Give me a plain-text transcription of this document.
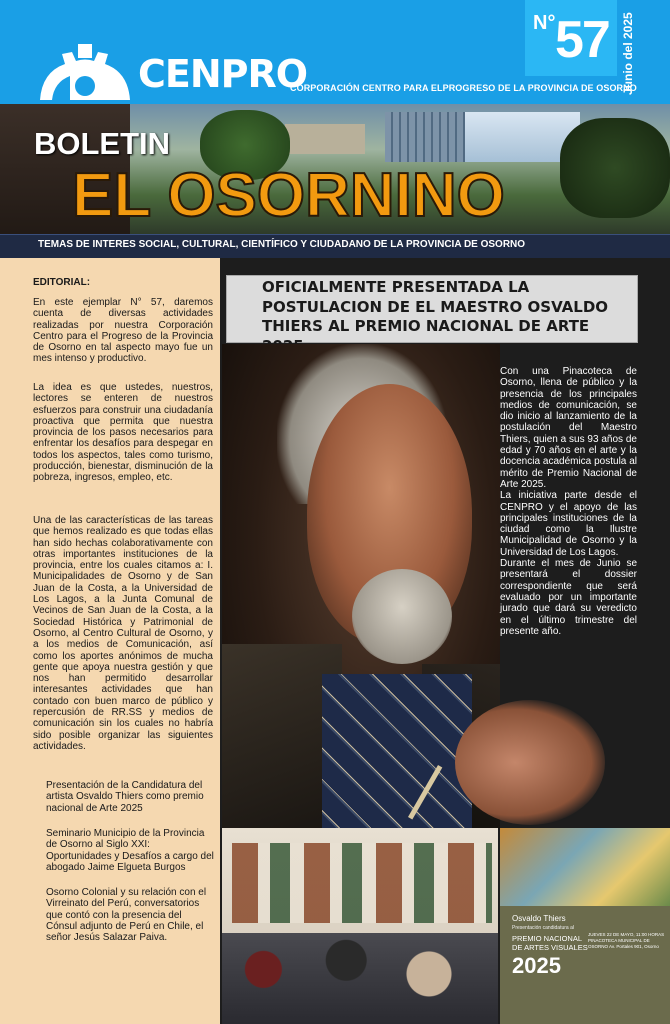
CENPRO
CORPORACIÓN CENTRO PARA ELPROGRESO DE LA PROVINCIA DE OSORNO
N° 57 Junio del 2025
BOLETIN
EL OSORNINO
TEMAS DE INTERES SOCIAL, CULTURAL, CIENTÍFICO Y CIUDADANO DE LA PROVINCIA DE OSORNO
EDITORIAL:
En este ejemplar N° 57, daremos cuenta de diversas actividades realizadas por nuestra Corporación Centro para el Progreso de la Provincia de Osorno en tal aspecto mayo fue un mes intenso y productivo.
La idea es que ustedes, nuestros, lectores se enteren de nuestros esfuerzos para construir una ciudadanía proactiva que permita que nuestra provincia de los pasos necesarios para enfrentar los desafíos para despegar en todos los aspectos, tales como turismo, producción, bienestar, disminución de la pobreza, ingresos, empleo, etc.
Una de las características de las tareas que hemos realizado es que todas ellas han sido hechas colaborativamente con otras importantes instituciones de la provincia, entre los cuales citamos a: I. Municipalidades de Osorno y de San Juan de la Costa, a la Universidad de Los Lagos, a la Junta Comunal de Vecinos de San Juan de la Costa, a la Sociedad Histórica y Patrimonial de Osorno, al Centro Cultural de Osorno, y a los medios de Comunicación, así como los aportes anónimos de mucha gente que apoya nuestra gestión y que nos han permitido desarrollar interesantes actividades que han contado con buen marco de público y repercusión de RR.SS y medios de comunicación sin los cuales no habría sido posible organizar las siguientes actividades.
Presentación de la Candidatura del artista Osvaldo Thiers como premio nacional de Arte 2025
Seminario Municipio de la Provincia de Osorno al Siglo XXI: Oportunidades y Desafíos a cargo del abogado Jaime Elgueta Burgos
Osorno Colonial y su relación con el Virreinato del Perú, conversatorios que contó con la presencia del Cónsul adjunto de Perú en Chile, el señor Jesús Salazar Paiva.
OFICIALMENTE PRESENTADA LA POSTULACION DE EL MAESTRO OSVALDO THIERS AL PREMIO NACIONAL DE ARTE

Con una Pinacoteca de Osorno, llena de público y la presencia de los principales medios de comunicación, se dio inicio al lanzamiento de la postulación del Maestro Thiers, quien a sus 93 años de edad y 70 años en el arte y la docencia académica postula al mérito de Premio Nacional de Arte 2025.

La iniciativa parte desde el CENPRO y el apoyo de las principales instituciones de la ciudad como la Ilustre Municipalidad de Osorno y la Universidad de Los Lagos.

Durante el mes de Junio se presentará el dossier correspondiente que será evaluado por un importante jurado que dará su veredicto en el último trimestre del presente año.

Osvaldo Thiers
Presentación candidatura al
PREMIO NACIONAL DE ARTES VISUALES
2025
JUEVES 22 DE MAYO, 11:00 HORAS PINACOTECA MUNICIPAL DE OSORNO Av. Portales 901, Osorno
